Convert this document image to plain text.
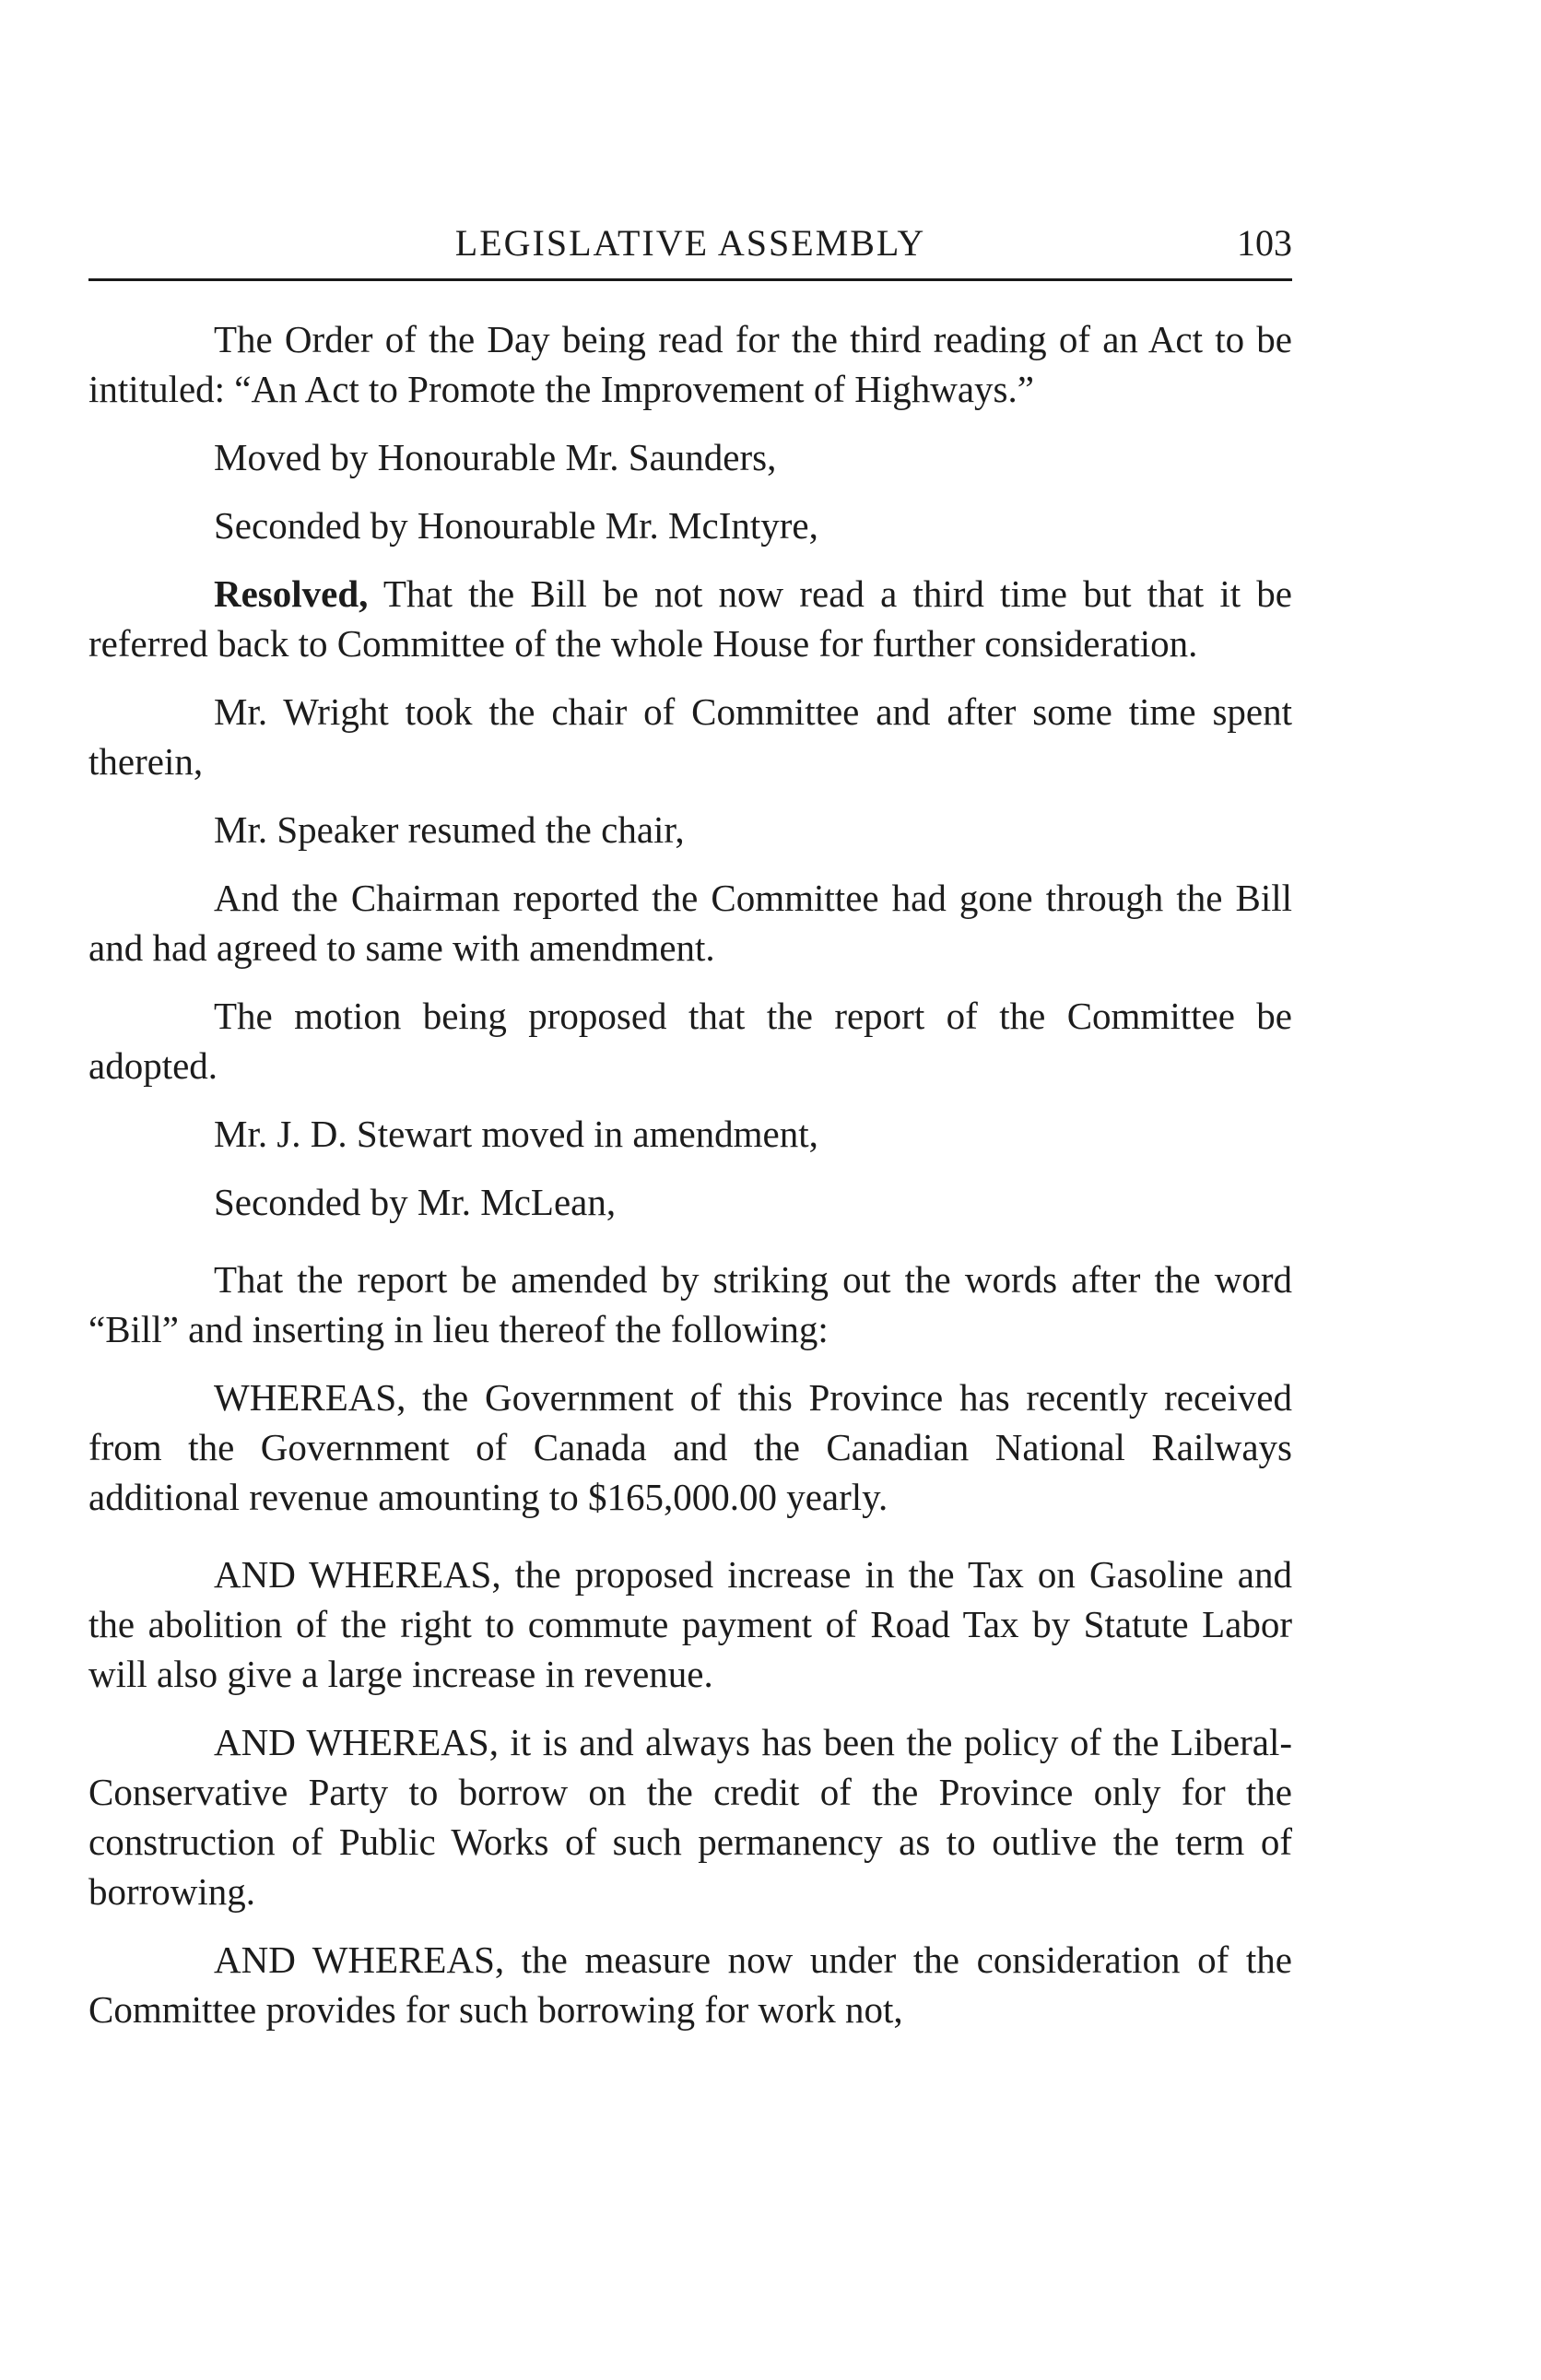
LEGISLATIVE ASSEMBLY	103

The Order of the Day being read for the third reading of an Act to be intituled: “An Act to Promote the Improvement of Highways.”

Moved by Honourable Mr. Saunders,

Seconded by Honourable Mr. McIntyre,

Resolved, That the Bill be not now read a third time but that it be referred back to Committee of the whole House for further consideration.

Mr. Wright took the chair of Committee and after some time spent therein,

Mr. Speaker resumed the chair,

And the Chairman reported the Committee had gone through the Bill and had agreed to same with amendment.

The motion being proposed that the report of the Committee be adopted.

Mr. J. D. Stewart moved in amendment,

Seconded by Mr. McLean,

That the report be amended by striking out the words after the word “Bill” and inserting in lieu thereof the following:

WHEREAS, the Government of this Province has recently received from the Government of Canada and the Canadian National Railways additional revenue amounting to $165,000.00 yearly.

AND WHEREAS, the proposed increase in the Tax on Gasoline and the abolition of the right to commute payment of Road Tax by Statute Labor will also give a large increase in revenue.

AND WHEREAS, it is and always has been the policy of the Liberal-Conservative Party to borrow on the credit of the Province only for the construction of Public Works of such permanency as to outlive the term of borrowing.

AND WHEREAS, the measure now under the consideration of the Committee provides for such borrowing for work not,
